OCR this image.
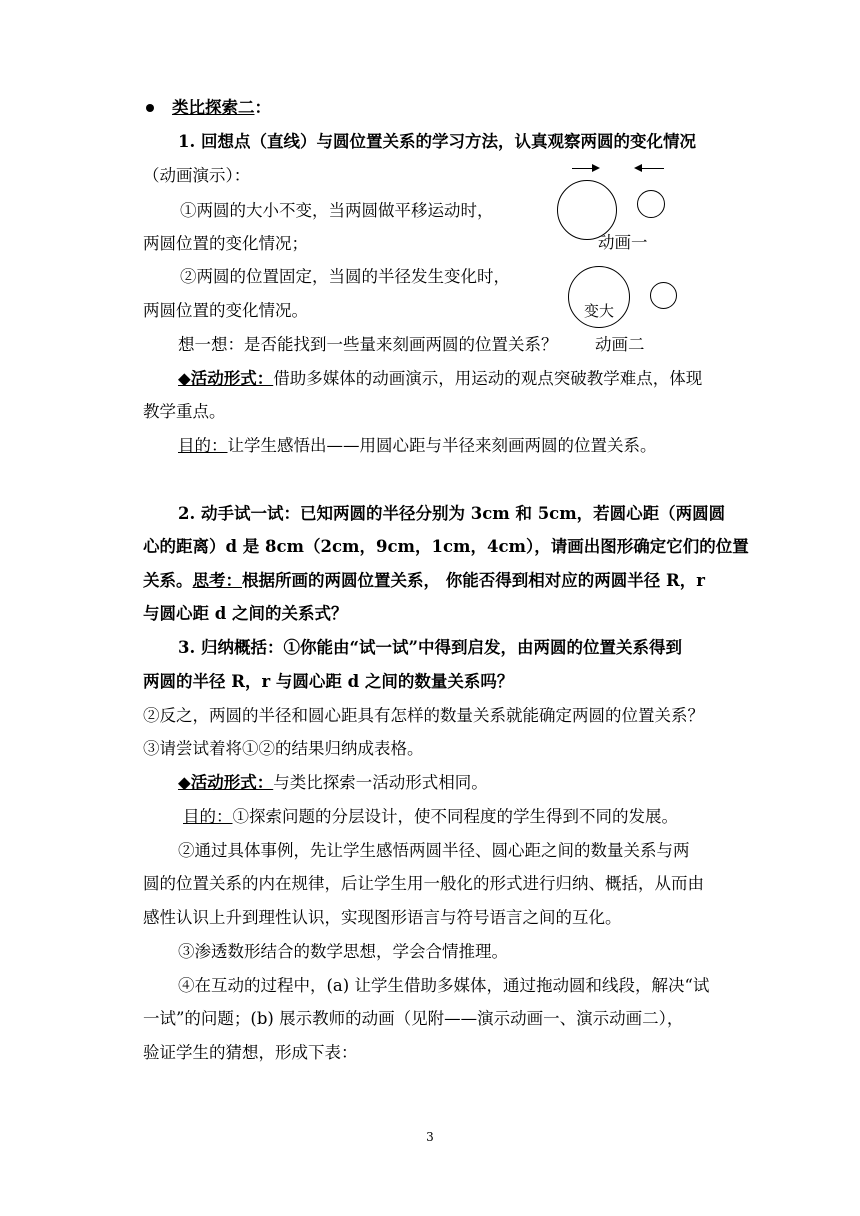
类比探索二：
1. 回想点（直线）与圆位置关系的学习方法，认真观察两圆的变化情况
（动画演示）：
①两圆的大小不变，当两圆做平移运动时，
两圆位置的变化情况；
②两圆的位置固定，当圆的半径发生变化时，
两圆位置的变化情况。
想一想：是否能找到一些量来刻画两圆的位置关系？
动画一
变大
动画二
◆活动形式：借助多媒体的动画演示，用运动的观点突破教学难点，体现
教学重点。
目的：让学生感悟出——用圆心距与半径来刻画两圆的位置关系。
2. 动手试一试：已知两圆的半径分别为 3cm 和 5cm，若圆心距（两圆圆
心的距离）d 是 8cm（2cm，9cm，1cm，4cm），请画出图形确定它们的位置
关系。思考：根据所画的两圆位置关系， 你能否得到相对应的两圆半径 R，r
与圆心距 d 之间的关系式？
3. 归纳概括：①你能由“试一试”中得到启发，由两圆的位置关系得到
两圆的半径 R，r 与圆心距 d 之间的数量关系吗？
②反之，两圆的半径和圆心距具有怎样的数量关系就能确定两圆的位置关系？
③请尝试着将①②的结果归纳成表格。
◆活动形式：与类比探索一活动形式相同。
目的：①探索问题的分层设计，使不同程度的学生得到不同的发展。
②通过具体事例，先让学生感悟两圆半径、圆心距之间的数量关系与两
圆的位置关系的内在规律，后让学生用一般化的形式进行归纳、概括，从而由
感性认识上升到理性认识，实现图形语言与符号语言之间的互化。
③渗透数形结合的数学思想，学会合情推理。
④在互动的过程中，(a) 让学生借助多媒体，通过拖动圆和线段，解决“试
一试”的问题；(b) 展示教师的动画（见附——演示动画一、演示动画二），
验证学生的猜想，形成下表：
3
